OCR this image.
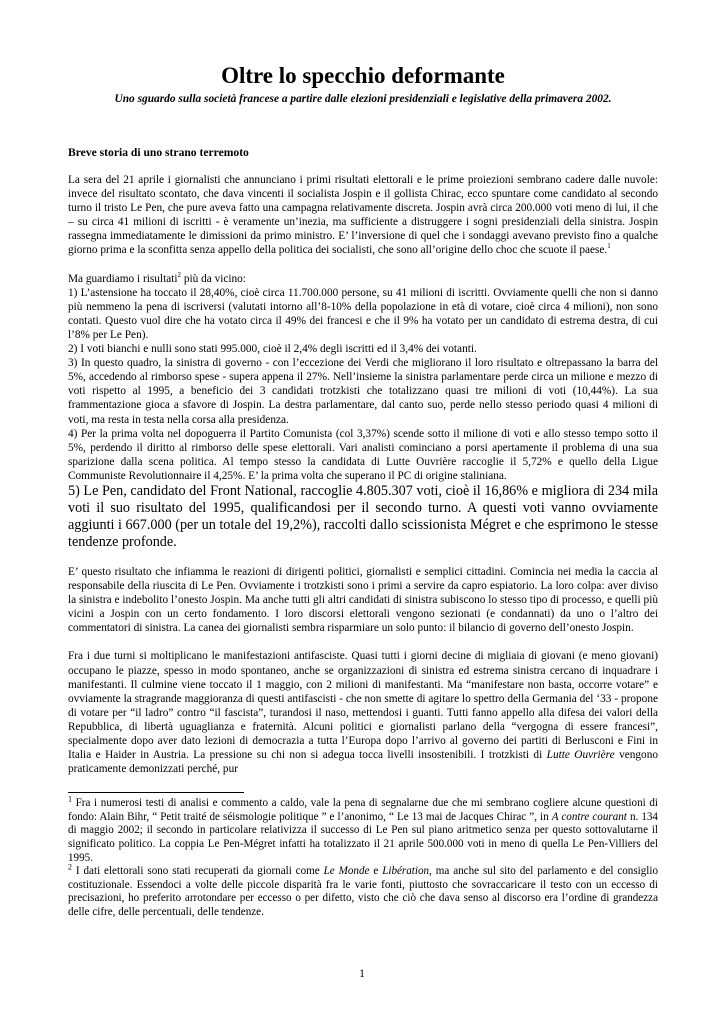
Oltre lo specchio deformante
Uno sguardo sulla società francese a partire dalle elezioni presidenziali e legislative della primavera 2002.
Breve storia di uno strano terremoto

La sera del 21 aprile i giornalisti che annunciano i primi risultati elettorali e le prime proiezioni sembrano cadere dalle nuvole: invece del risultato scontato, che dava vincenti il socialista Jospin e il gollista Chirac, ecco spuntare come candidato al secondo turno il tristo Le Pen, che pure aveva fatto una campagna relativamente discreta. Jospin avrà circa 200.000 voti meno di lui, il che – su circa 41 milioni di iscritti - è veramente un’inezia, ma sufficiente a distruggere i sogni presidenziali della sinistra. Jospin rassegna immediatamente le dimissioni da primo ministro. E’ l’inversione di quel che i sondaggi avevano previsto fino a qualche giorno prima e la sconfitta senza appello della politica dei socialisti, che sono all’origine dello choc che scuote il paese.$^1$

Ma guardiamo i risultati$^2$ più da vicino:
1) L’astensione ha toccato il 28,40%, cioè circa 11.700.000 persone, su 41 milioni di iscritti. Ovviamente quelli che non si danno più nemmeno la pena di iscriversi (valutati intorno all’8-10% della popolazione in età di votare, cioè circa 4 milioni), non sono contati. Questo vuol dire che ha votato circa il 49% dei francesi e che il 9% ha votato per un candidato di estrema destra, di cui l’8% per Le Pen).
2) I voti bianchi e nulli sono stati 995.000, cioè il 2,4% degli iscritti ed il 3,4% dei votanti.
3) In questo quadro, la sinistra di governo - con l’eccezione dei Verdi che migliorano il loro risultato e oltrepassano la barra del 5%, accedendo al rimborso spese - supera appena il 27%. Nell’insieme la sinistra parlamentare perde circa un milione e mezzo di voti rispetto al 1995, a beneficio dei 3 candidati trotzkisti che totalizzano quasi tre milioni di voti (10,44%). La sua frammentazione gioca a sfavore di Jospin. La destra parlamentare, dal canto suo, perde nello stesso periodo quasi 4 milioni di voti, ma resta in testa nella corsa alla presidenza.
4) Per la prima volta nel dopoguerra il Partito Comunista (col 3,37%) scende sotto il milione di voti e allo stesso tempo sotto il 5%, perdendo il diritto al rimborso delle spese elettorali. Vari analisti cominciano a porsi apertamente il problema di una sua sparizione dalla scena politica. Al tempo stesso la candidata di Lutte Ouvrière raccoglie il 5,72% e quello della Ligue Communiste Revolutionnaire il 4,25%. E’ la prima volta che superano il PC di origine staliniana.

5) Le Pen, candidato del Front National, raccoglie 4.805.307 voti, cioè il 16,86% e migliora di 234 mila voti il suo risultato del 1995, qualificandosi per il secondo turno. A questi voti vanno ovviamente aggiunti i 667.000 (per un totale del 19,2%), raccolti dallo scissionista Mégret e che esprimono le stesse tendenze profonde.

E’ questo risultato che infiamma le reazioni di dirigenti politici, giornalisti e semplici cittadini. Comincia nei media la caccia al responsabile della riuscita di Le Pen. Ovviamente i trotzkisti sono i primi a servire da capro espiatorio. La loro colpa: aver diviso la sinistra e indebolito l’onesto Jospin. Ma anche tutti gli altri candidati di sinistra subiscono lo stesso tipo di processo, e quelli più vicini a Jospin con un certo fondamento. I loro discorsi elettorali vengono sezionati (e condannati) da uno o l’altro dei commentatori di sinistra. La canea dei giornalisti sembra risparmiare un solo punto: il bilancio di governo dell’onesto Jospin.

Fra i due turni si moltiplicano le manifestazioni antifasciste. Quasi tutti i giorni decine di migliaia di giovani (e meno giovani) occupano le piazze, spesso in modo spontaneo, anche se organizzazioni di sinistra ed estrema sinistra cercano di inquadrare i manifestanti. Il culmine viene toccato il 1 maggio, con 2 milioni di manifestanti. Ma “manifestare non basta, occorre votare” e ovviamente la stragrande maggioranza di questi antifascisti - che non smette di agitare lo spettro della Germania del ‘33 - propone di votare per “il ladro” contro “il fascista”, turandosi il naso, mettendosi i guanti. Tutti fanno appello alla difesa dei valori della Repubblica, di libertà uguaglianza e fraternità. Alcuni politici e giornalisti parlano della “vergogna di essere francesi”, specialmente dopo aver dato lezioni di democrazia a tutta l’Europa dopo l’arrivo al governo dei partiti di Berlusconi e Fini in Italia e Haider in Austria. La pressione su chi non si adegua tocca livelli insostenibili. I trotzkisti di Lutte Ouvrière vengono praticamente demonizzati perché, pur

$^1$ Fra i numerosi testi di analisi e commento a caldo, vale la pena di segnalarne due che mi sembrano cogliere alcune questioni di fondo: Alain Bihr, “ Petit traité de séismologie politique ” e l’anonimo, “ Le 13 mai de Jacques Chirac ”, in A contre courant n. 134 di maggio 2002; il secondo in particolare relativizza il successo di Le Pen sul piano aritmetico senza per questo sottovalutarne il significato politico. La coppia Le Pen-Mégret infatti ha totalizzato il 21 aprile 500.000 voti in meno di quella Le Pen-Villiers del 1995.

$^2$ I dati elettorali sono stati recuperati da giornali come Le Monde e Libération, ma anche sul sito del parlamento e del consiglio costituzionale. Essendoci a volte delle piccole disparità fra le varie fonti, piuttosto che sovraccaricare il testo con un eccesso di precisazioni, ho preferito arrotondare per eccesso o per difetto, visto che ciò che dava senso al discorso era l’ordine di grandezza delle cifre, delle percentuali, delle tendenze.

1
